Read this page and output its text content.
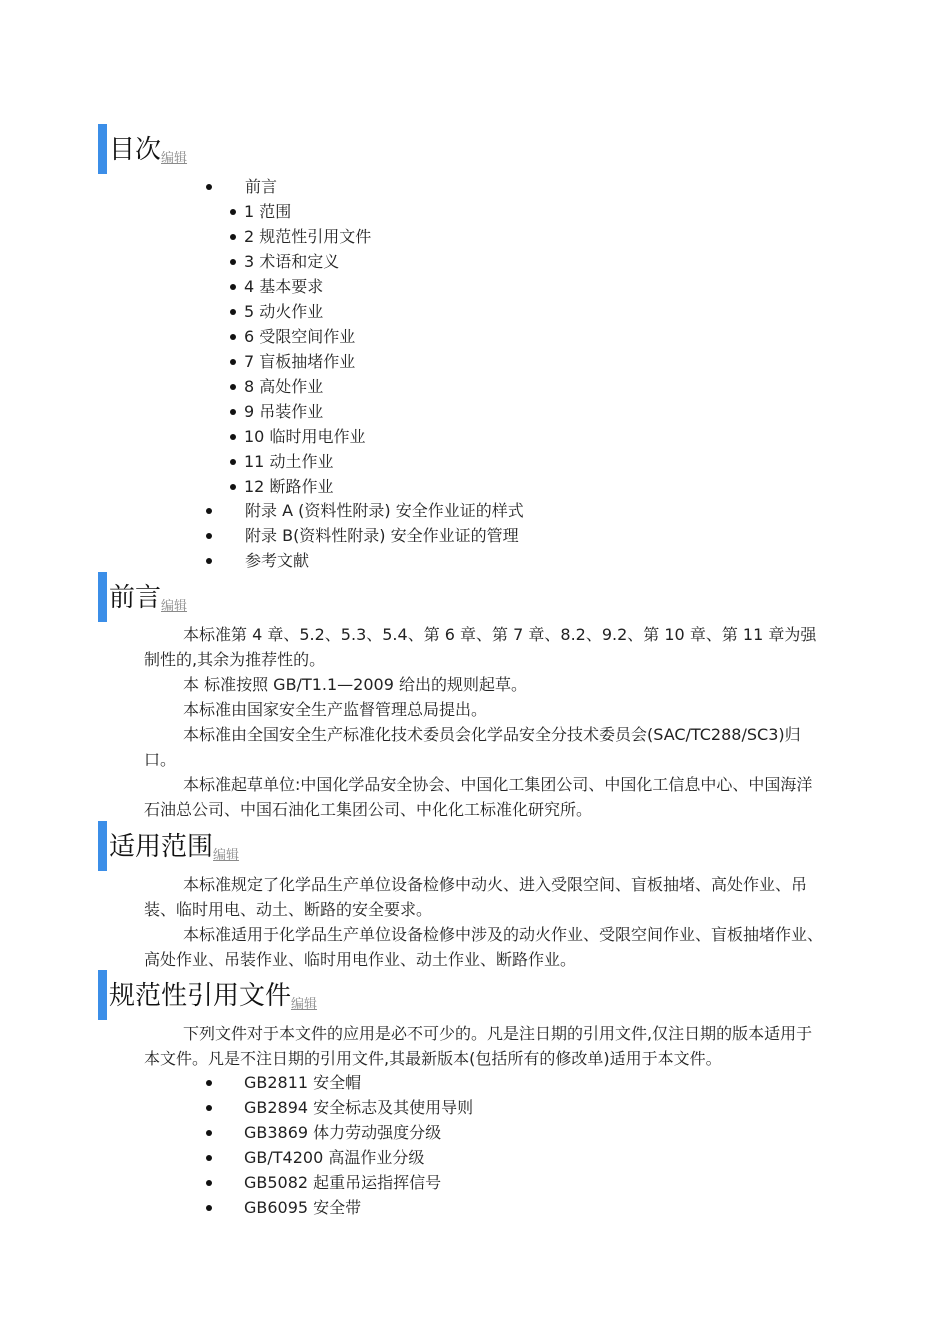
目次 编辑
前言
1 范围
2 规范性引用文件
3 术语和定义
4 基本要求
5 动火作业
6 受限空间作业
7 盲板抽堵作业
8 高处作业
9 吊装作业
10 临时用电作业
11 动土作业
12 断路作业
附录 A (资料性附录) 安全作业证的样式
附录 B(资料性附录) 安全作业证的管理
参考文献
前言 编辑

本标准第 4 章、5.2、5.3、5.4、第 6 章、第 7 章、8.2、9.2、第 10 章、第 11 章为强制性的,其余为推荐性的。

本 标准按照 GB/T1.1—2009 给出的规则起草。

本标准由国家安全生产监督管理总局提出。

本标准由全国安全生产标准化技术委员会化学品安全分技术委员会(SAC/TC288/SC3)归口。

本标准起草单位:中国化学品安全协会、中国化工集团公司、中国化工信息中心、中国海洋石油总公司、中国石油化工集团公司、中化化工标准化研究所。

适用范围 编辑

本标准规定了化学品生产单位设备检修中动火、进入受限空间、盲板抽堵、高处作业、吊装、临时用电、动土、断路的安全要求。

本标准适用于化学品生产单位设备检修中涉及的动火作业、受限空间作业、盲板抽堵作业、高处作业、吊装作业、临时用电作业、动土作业、断路作业。

规范性引用文件 编辑

下列文件对于本文件的应用是必不可少的。凡是注日期的引用文件,仅注日期的版本适用于本文件。凡是不注日期的引用文件,其最新版本(包括所有的修改单)适用于本文件。

GB2811 安全帽
GB2894 安全标志及其使用导则
GB3869 体力劳动强度分级
GB/T4200 高温作业分级
GB5082 起重吊运指挥信号
GB6095 安全带
